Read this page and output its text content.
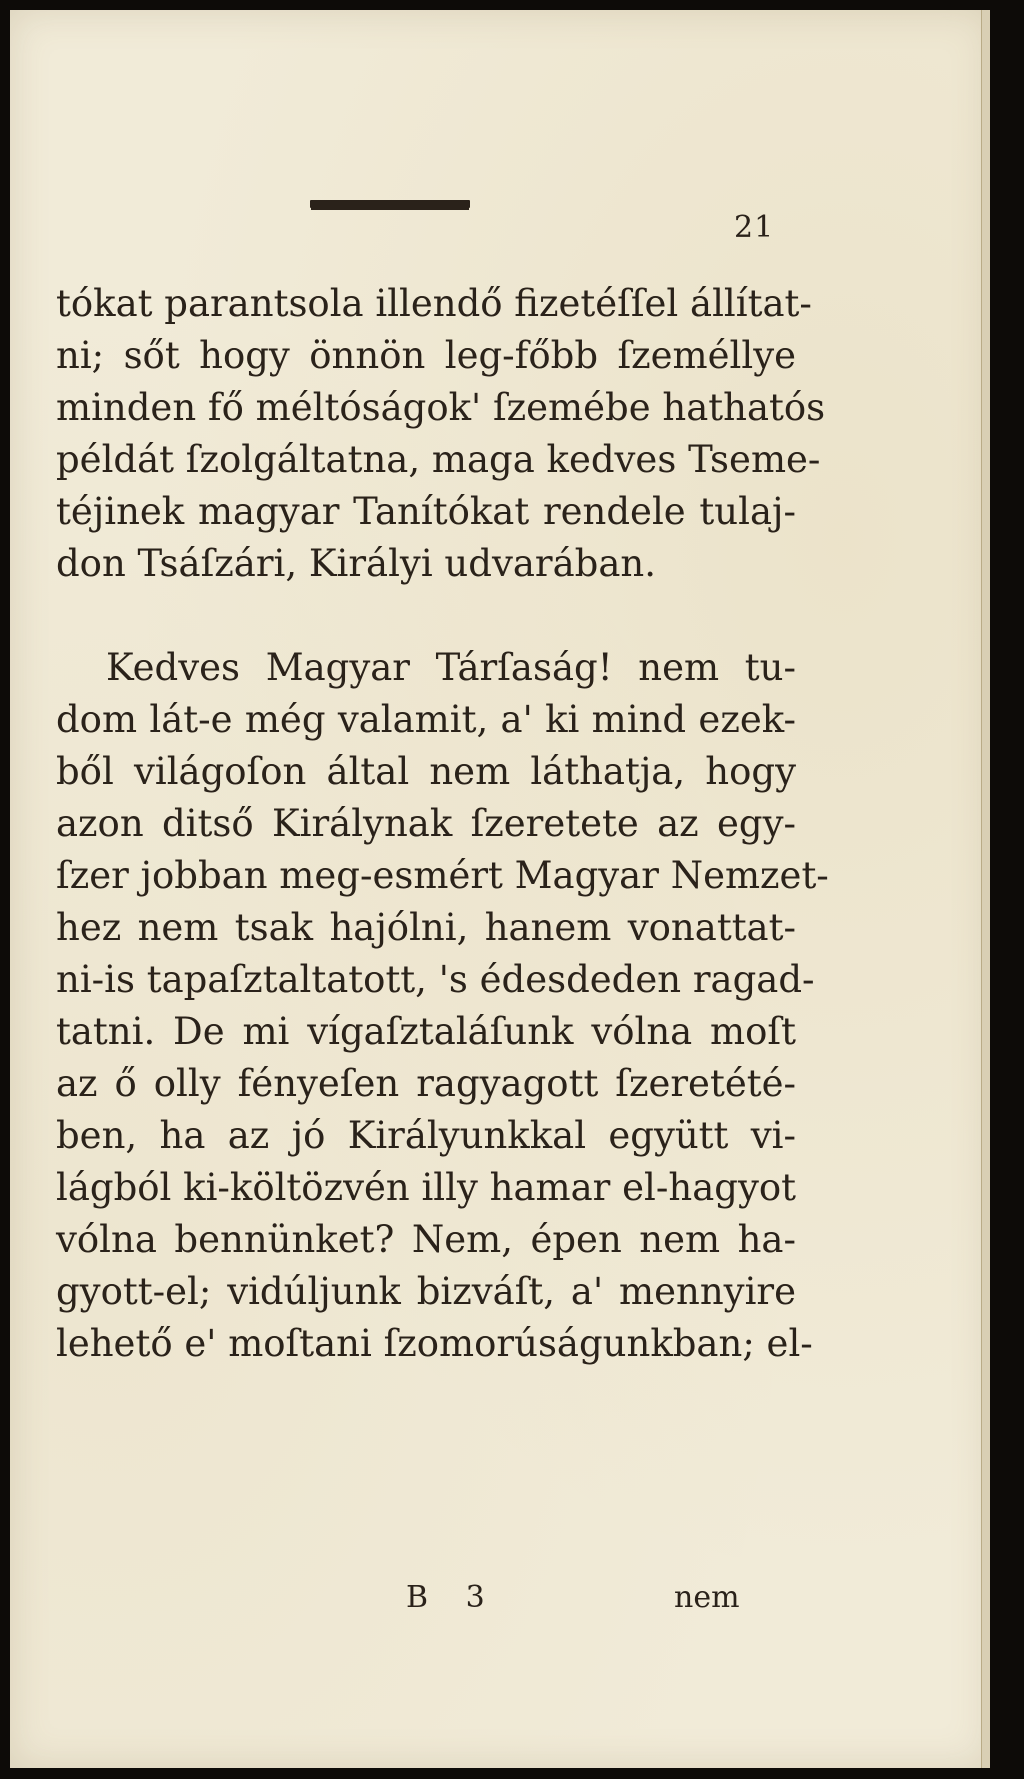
21
tókat parantsola illendő fizetéſſel állítat-
ni; sőt hogy önnön leg-főbb ſzeméllye
minden fő méltóságok' ſzemébe hathatós
példát ſzolgáltatna, maga kedves Tseme-
téjinek magyar Tanítókat rendele tulaj-
don Tsáſzári, Királyi udvarában.
Kedves Magyar Tárſaság! nem tu-
dom lát-e még valamit, a' ki mind ezek-
ből világoſon által nem láthatja, hogy
azon ditső Királynak ſzeretete az egy-
ſzer jobban meg-esmért Magyar Nemzet-
hez nem tsak hajólni, hanem vonattat-
ni-is tapaſztaltatott, 's édesdeden ragad-
tatni. De mi vígaſztaláſunk vólna moſt
az ő olly fényeſen ragyagott ſzeretété-
ben, ha az jó Királyunkkal együtt vi-
lágból ki-költözvén illy hamar el-hagyot
vólna bennünket? Nem, épen nem ha-
gyott-el; vidúljunk bizváſt, a' mennyire
lehető e' moſtani ſzomorúságunkban; el-
B 3	nem
